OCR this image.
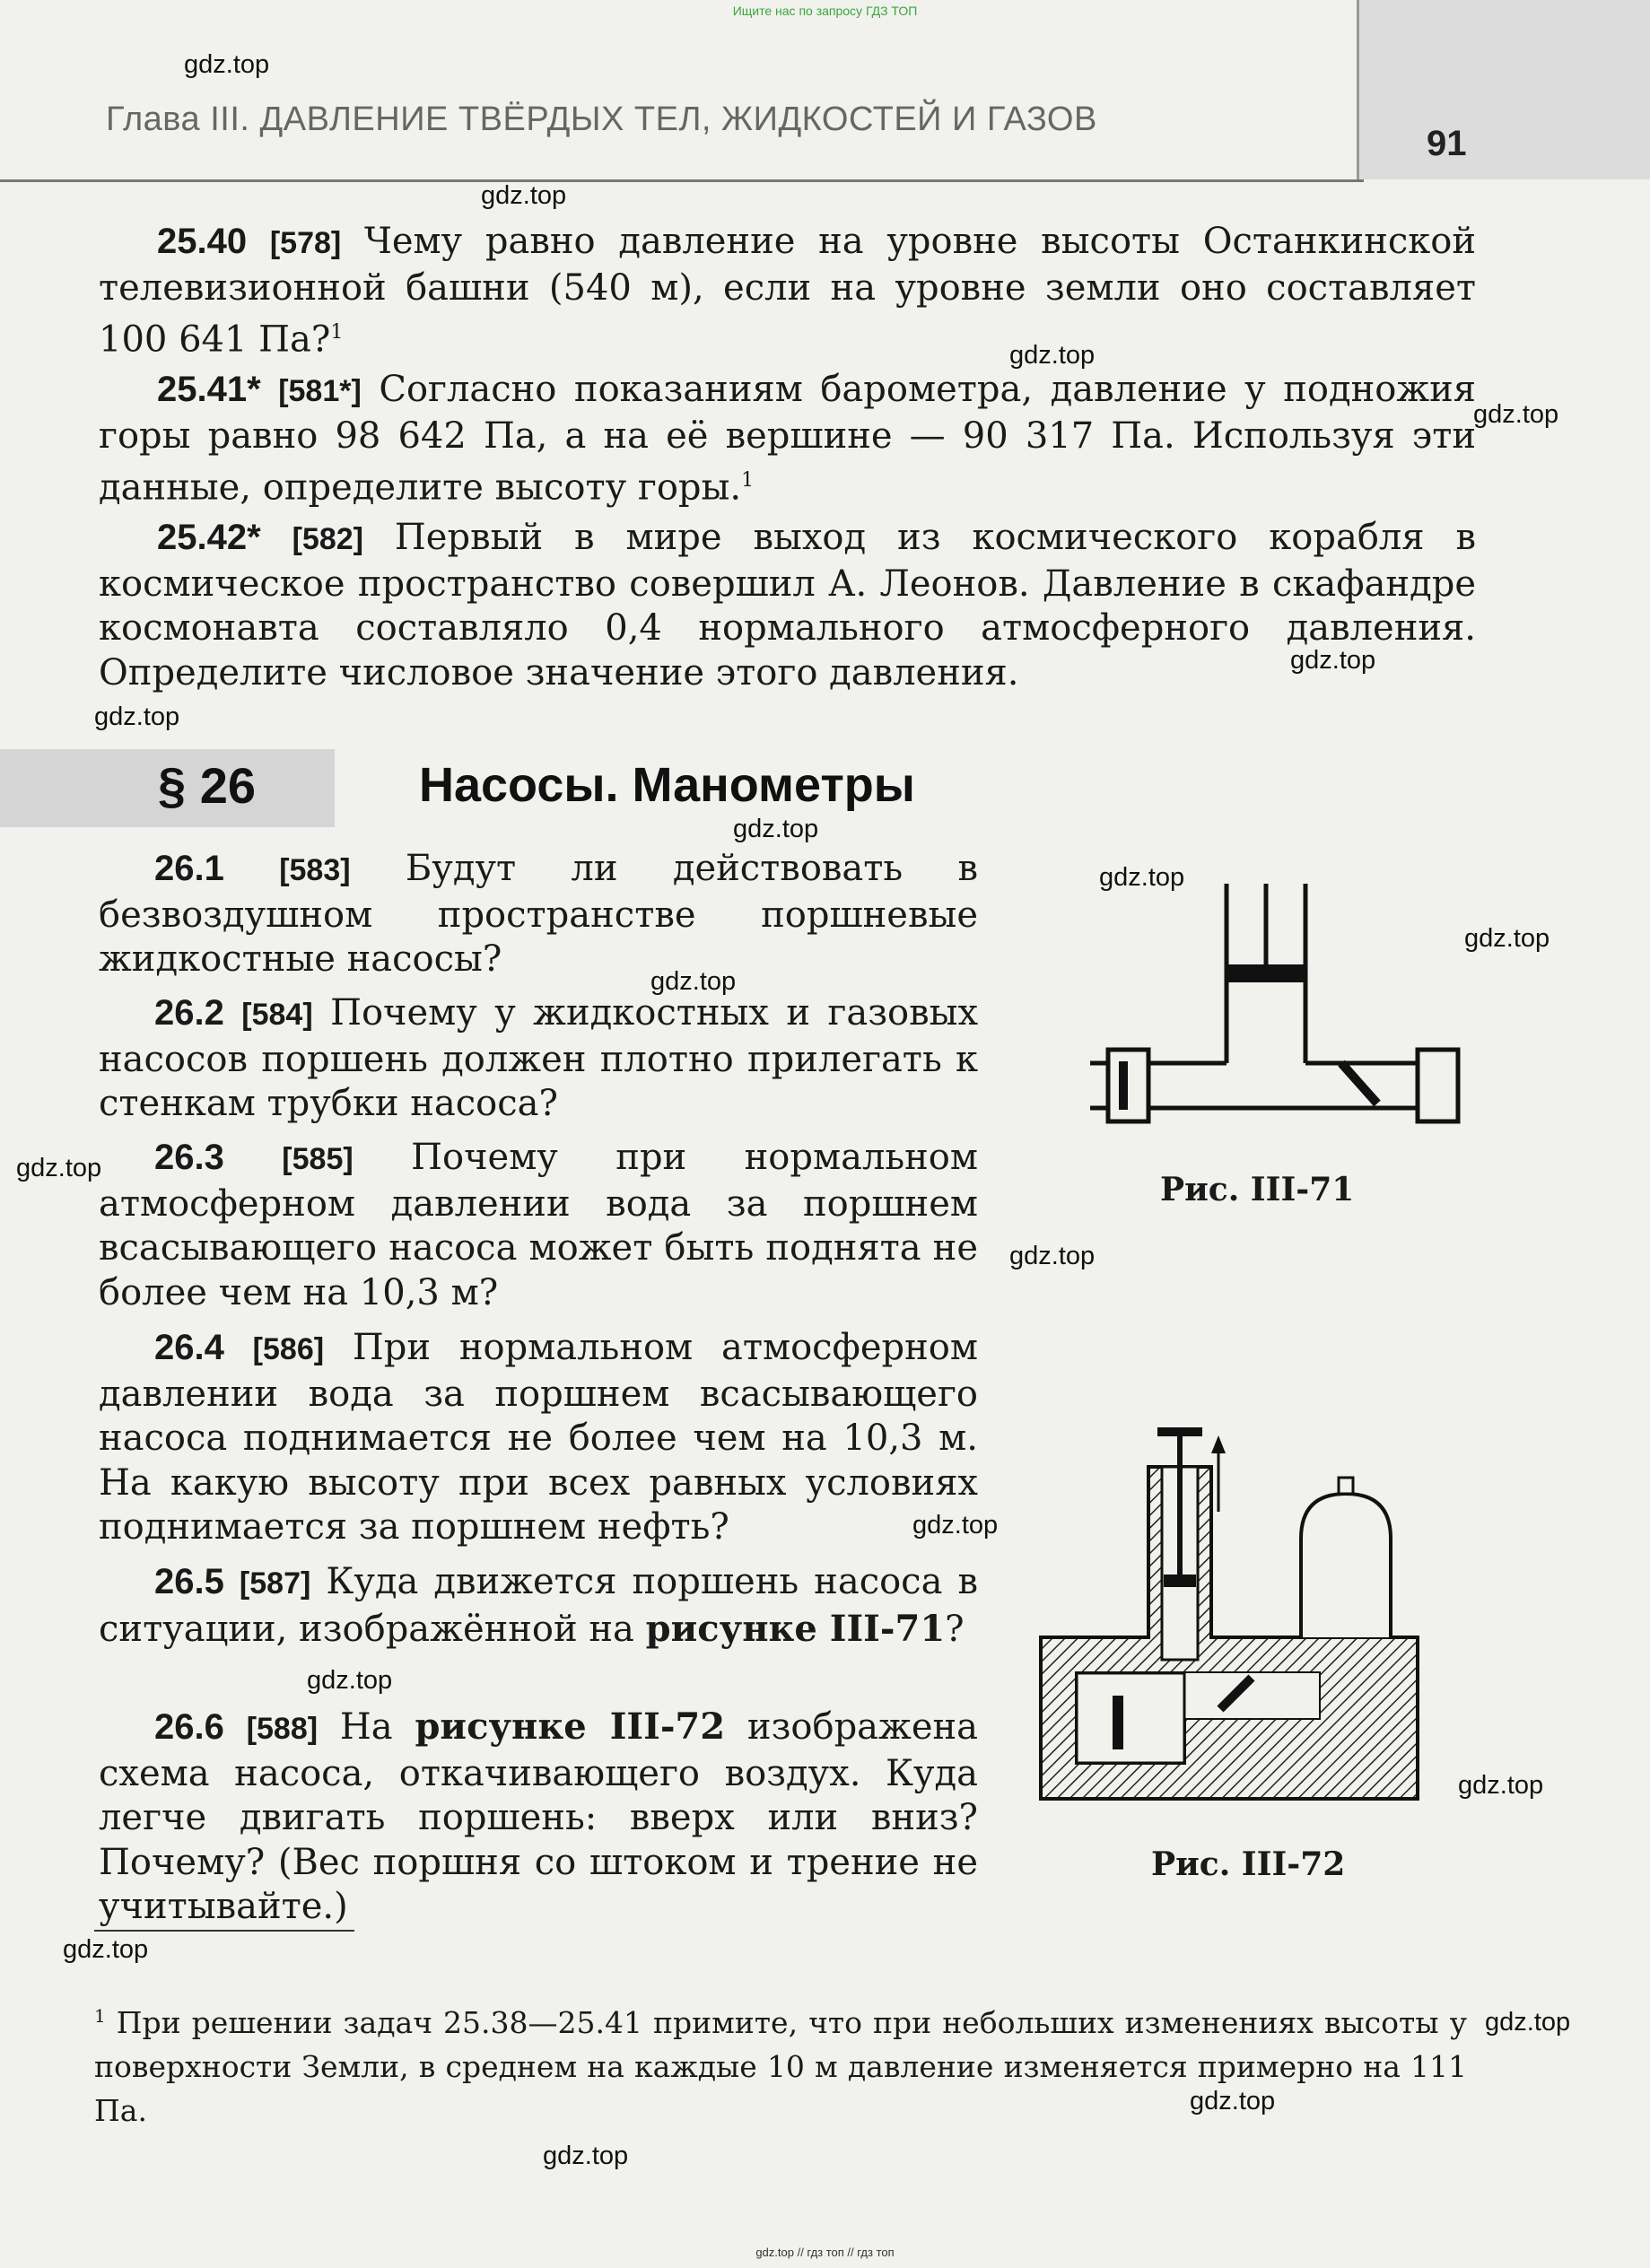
Ищите нас по запросу ГДЗ ТОП
91
Глава III. ДАВЛЕНИЕ ТВЁРДЫХ ТЕЛ, ЖИДКОСТЕЙ И ГАЗОВ
25.40 [578] Чему равно давление на уровне высоты Останкинской телевизионной башни (540 м), если на уровне земли оно составляет 100 641 Па?$^1$
25.41* [581*] Согласно показаниям барометра, давление у подножия горы равно 98 642 Па, а на её вершине — 90 317 Па. Используя эти данные, определите высоту горы.$^1$
25.42* [582] Первый в мире выход из космического корабля в космическое пространство совершил А. Леонов. Давление в скафандре космонавта составляло 0,4 нормального атмосферного давления. Определите числовое значение этого давления.
§ 26	Насосы. Манометры
26.1 [583] Будут ли действовать в безвоздушном пространстве поршневые жидкостные насосы?
26.2 [584] Почему у жидкостных и газовых насосов поршень должен плотно прилегать к стенкам трубки насоса?
26.3 [585] Почему при нормальном атмосферном давлении вода за поршнем всасывающего насоса может быть поднята не более чем на 10,3 м?
26.4 [586] При нормальном атмосферном давлении вода за поршнем всасывающего насоса поднимается не более чем на 10,3 м. На какую высоту при всех равных условиях поднимается за поршнем нефть?
26.5 [587] Куда движется поршень насоса в ситуации, изображённой на рисунке III-71?
26.6 [588] На рисунке III-72 изображена схема насоса, откачивающего воздух. Куда легче двигать поршень: вверх или вниз? Почему? (Вес поршня со штоком и трение не учитывайте.)
Рис. III-71
Рис. III-72
$^1$ При решении задач 25.38—25.41 примите, что при небольших изменениях высоты у поверхности Земли, в среднем на каждые 10 м давление изменяется примерно на 111 Па.
gdz.top
gdz.top
gdz.top
gdz.top
gdz.top
gdz.top
gdz.top
gdz.top
gdz.top
gdz.top
gdz.top
gdz.top
gdz.top
gdz.top
gdz.top
gdz.top
gdz.top
gdz.top
gdz.top
gdz.top // гдз топ // гдз топ
